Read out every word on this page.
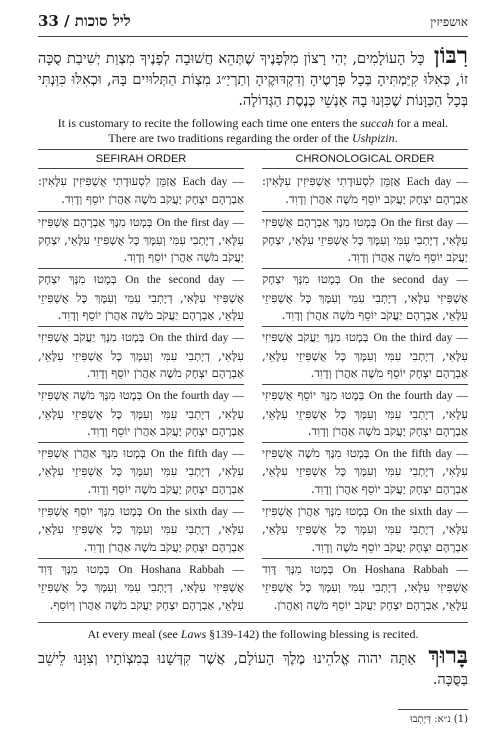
ליל סוכות / 33	אושפיזין
רִבּוֹן כָּל הָעוֹלָמִים, יְהִי רָצוֹן מִלְּפָנֶיךָ שֶׁתְּהֵא חֲשׁוּבָה לְפָנֶיךָ מִצְוַת יְשִׁיבַת סֻכָּה זוֹ, כְּאִלּוּ קִיַּמְתִּיהָ בְּכָל פְּרָטֶיהָ וְדִקְדּוּקֶיהָ וְתַרְיַ״ג מִצְוֹת הַתְּלוּיִים בָּהּ, וּכְאִלּוּ כִּוַּנְתִּי בְּכָל הַכַּוָּנוֹת שֶׁכִּוְּנוּ בָהּ אַנְשֵׁי כְּנֶסֶת הַגְּדוֹלָה.
It is customary to recite the following each time one enters the succah for a meal.
There are two traditions regarding the order of the Ushpizin.
SEFIRAH ORDER
Each day — אֲזַמֵּן לִסְעוּדָתִי אֻשְׁפִּיזִין עִלָּאִין: אַבְרָהָם יִצְחָק יַעֲקֹב מֹשֶׁה אַהֲרֹן יוֹסֵף וְדָוִד.
On the first day — בְּמָטוּ מִנָּךְ אַבְרָהָם אֻשְׁפִּיזִי עִלָּאִי, דְיָתְבִי עִמִּי וְעִמָּךְ כָּל אֻשְׁפִּיזֵי עִלָּאֵי, יִצְחָק יַעֲקֹב מֹשֶׁה אַהֲרֹן יוֹסֵף וְדָוִד.
On the second day — בְּמָטוּ מִנָּךְ יִצְחָק אֻשְׁפִּיזִי עִלָּאִי, דְיָתְבִי עִמִּי וְעִמָּךְ כָּל אֻשְׁפִּיזֵי עִלָּאֵי, אַבְרָהָם יַעֲקֹב מֹשֶׁה אַהֲרֹן יוֹסֵף וְדָוִד.
On the third day — בְּמָטוּ מִנָּךְ יַעֲקֹב אֻשְׁפִּיזִי עִלָּאִי, דְיָתְבִי עִמִּי וְעִמָּךְ כָּל אֻשְׁפִּיזֵי עִלָּאֵי, אַבְרָהָם יִצְחָק מֹשֶׁה אַהֲרֹן יוֹסֵף וְדָוִד.
On the fourth day — בְּמָטוּ מִנָּךְ מֹשֶׁה אֻשְׁפִּיזִי עִלָּאִי, דְיָתְבִי עִמִּי וְעִמָּךְ כָּל אֻשְׁפִּיזֵי עִלָּאֵי, אַבְרָהָם יִצְחָק יַעֲקֹב אַהֲרֹן יוֹסֵף וְדָוִד.
On the fifth day — בְּמָטוּ מִנָּךְ אַהֲרֹן אֻשְׁפִּיזִי עִלָּאִי, דְיָתְבִי עִמִּי וְעִמָּךְ כָּל אֻשְׁפִּיזֵי עִלָּאֵי, אַבְרָהָם יִצְחָק יַעֲקֹב מֹשֶׁה יוֹסֵף וְדָוִד.
On the sixth day — בְּמָטוּ מִנָּךְ יוֹסֵף אֻשְׁפִּיזִי עִלָּאִי, דְיָתְבִי עִמִּי וְעִמָּךְ כָּל אֻשְׁפִּיזֵי עִלָּאֵי, אַבְרָהָם יִצְחָק יַעֲקֹב מֹשֶׁה אַהֲרֹן וְדָוִד.
On Hoshana Rabbah — בְּמָטוּ מִנָּךְ דָּוִד אֻשְׁפִּיזִי עִלָּאִי, דְיָתְבִי עִמִּי וְעִמָּךְ כָּל אֻשְׁפִּיזֵי עִלָּאֵי, אַבְרָהָם יִצְחָק יַעֲקֹב מֹשֶׁה אַהֲרֹן וְיוֹסֵף.
CHRONOLOGICAL ORDER
Each day — אֲזַמֵּן לִסְעוּדָתִי אֻשְׁפִּיזִין עִלָּאִין: אַבְרָהָם יִצְחָק יַעֲקֹב יוֹסֵף מֹשֶׁה אַהֲרֹן וְדָוִד.
On the first day — בְּמָטוּ מִנָּךְ אַבְרָהָם אֻשְׁפִּיזִי עִלָּאִי, דְיָתְבִי עִמִּי וְעִמָּךְ כָּל אֻשְׁפִּיזֵי עִלָּאֵי, יִצְחָק יַעֲקֹב יוֹסֵף מֹשֶׁה אַהֲרֹן וְדָוִד.
On the second day — בְּמָטוּ מִנָּךְ יִצְחָק אֻשְׁפִּיזִי עִלָּאִי, דְיָתְבִי עִמִּי וְעִמָּךְ כָּל אֻשְׁפִּיזֵי עִלָּאֵי, אַבְרָהָם יַעֲקֹב יוֹסֵף מֹשֶׁה אַהֲרֹן וְדָוִד.
On the third day — בְּמָטוּ מִנָּךְ יַעֲקֹב אֻשְׁפִּיזִי עִלָּאִי, דְיָתְבִי עִמִּי וְעִמָּךְ כָּל אֻשְׁפִּיזֵי עִלָּאֵי, אַבְרָהָם יִצְחָק יוֹסֵף מֹשֶׁה אַהֲרֹן וְדָוִד.
On the fourth day — בְּמָטוּ מִנָּךְ יוֹסֵף אֻשְׁפִּיזִי עִלָּאִי, דְיָתְבִי עִמִּי וְעִמָּךְ כָּל אֻשְׁפִּיזֵי עִלָּאֵי, אַבְרָהָם יִצְחָק יַעֲקֹב מֹשֶׁה אַהֲרֹן וְדָוִד.
On the fifth day — בְּמָטוּ מִנָּךְ מֹשֶׁה אֻשְׁפִּיזִי עִלָּאִי, דְיָתְבִי עִמִּי וְעִמָּךְ כָּל אֻשְׁפִּיזֵי עִלָּאֵי, אַבְרָהָם יִצְחָק יַעֲקֹב יוֹסֵף אַהֲרֹן וְדָוִד.
On the sixth day — בְּמָטוּ מִנָּךְ אַהֲרֹן אֻשְׁפִּיזִי עִלָּאִי, דְיָתְבִי עִמִּי וְעִמָּךְ כָּל אֻשְׁפִּיזֵי עִלָּאֵי, אַבְרָהָם יִצְחָק יַעֲקֹב יוֹסֵף מֹשֶׁה וְדָוִד.
On Hoshana Rabbah — בְּמָטוּ מִנָּךְ דָּוִד אֻשְׁפִּיזִי עִלָּאִי, דְיָתְבִי עִמִּי וְעִמָּךְ כָּל אֻשְׁפִּיזֵי עִלָּאֵי, אַבְרָהָם יִצְחָק יַעֲקֹב יוֹסֵף מֹשֶׁה וְאַהֲרֹן.
At every meal (see Laws §139-142) the following blessing is recited.
בָּרוּךְ אַתָּה יהוה אֱלֹהֵינוּ מֶלֶךְ הָעוֹלָם, אֲשֶׁר קִדְּשָׁנוּ בְּמִצְוֹתָיו וְצִוָּנוּ לֵישֵׁב בַּסֻּכָּה.
(1) נ״א: דְּיָתְבוּ
